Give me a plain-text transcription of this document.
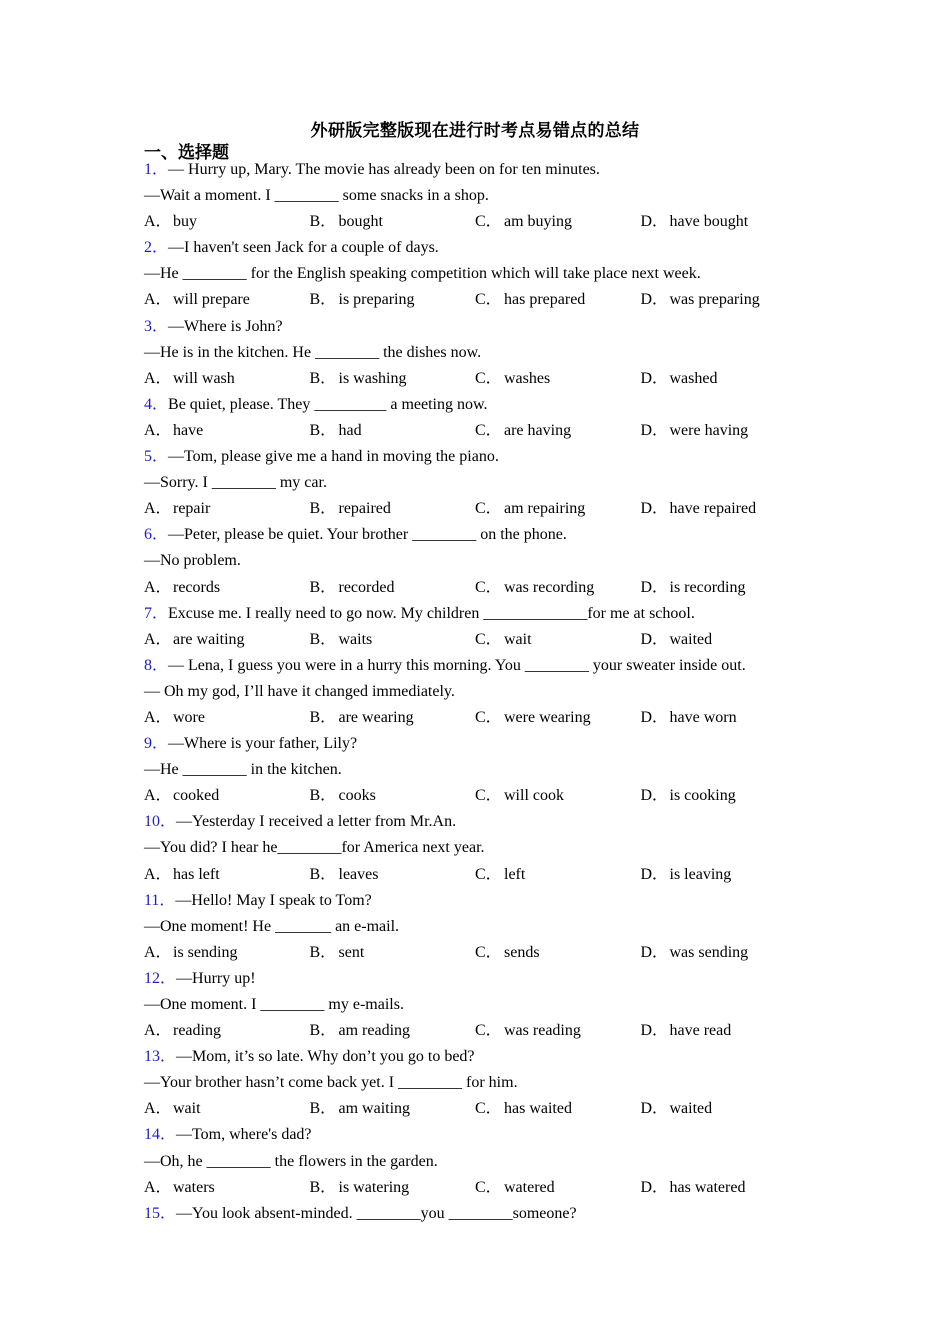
外研版完整版现在进行时考点易错点的总结
一、选择题
1．— Hurry up, Mary. The movie has already been on for ten minutes.
—Wait a moment. I ________ some snacks in a shop.
A．buy	B． bought	C． am buying	D．have bought
2．—I haven't seen Jack for a couple of days.
—He ________ for the English speaking competition which will take place next week.
A．will prepare	B． is preparing	C． has prepared	D．was preparing
3．—Where is John?
—He is in the kitchen. He ________ the dishes now.
A．will wash	B． is washing	C． washes	D．washed
4．Be quiet, please. They _________ a meeting now.
A．have	B． had	C． are having	D．were having
5．—Tom, please give me a hand in moving the piano.
—Sorry. I ________ my car.
A．repair	B． repaired	C． am repairing	D．have repaired
6．—Peter, please be quiet. Your brother ________ on the phone.
—No problem.
A．records	B． recorded	C． was recording	D．is recording
7．Excuse me. I really need to go now. My children _____________for me at school.
A．are waiting	B． waits	C． wait	D．waited
8．— Lena, I guess you were in a hurry this morning. You ________ your sweater inside out.
— Oh my god, I’ll have it changed immediately.
A．wore	B． are wearing	C． were wearing	D．have worn
9．—Where is your father, Lily?
—He ________ in the kitchen.
A．cooked	B． cooks	C． will cook	D．is cooking
10．—Yesterday I received a letter from Mr.An.
—You did? I hear he________for America next year.
A．has left	B． leaves	C． left	D．is leaving
11．—Hello! May I speak to Tom?
—One moment! He _______ an e-mail.
A．is sending	B． sent	C． sends	D．was sending
12．—Hurry up!
—One moment. I ________ my e-mails.
A．reading	B． am reading	C． was reading	D．have read
13．—Mom, it’s so late. Why don’t you go to bed?
—Your brother hasn’t come back yet. I ________ for him.
A．wait	B． am waiting	C． has waited	D．waited
14．—Tom, where's dad?
—Oh, he ________ the flowers in the garden.
A．waters	B． is watering	C． watered	D．has watered
15．—You look absent-minded. ________you ________someone?
